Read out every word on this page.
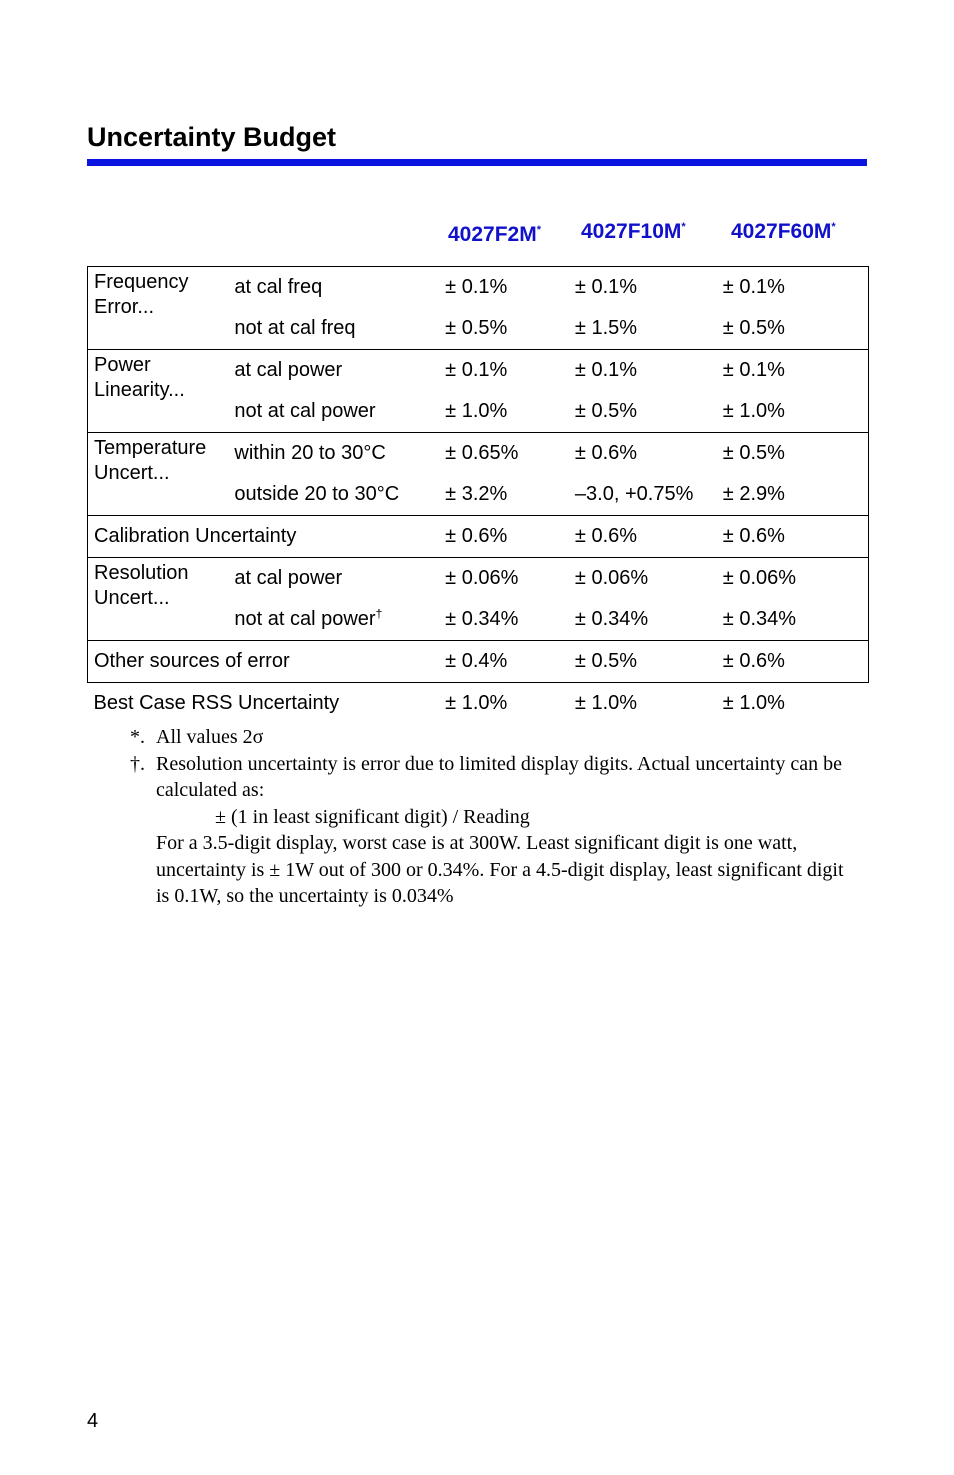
Uncertainty Budget
4027F2M* 4027F10M* 4027F60M*
Frequency Error...	at cal freq	± 0.1%	± 0.1%	± 0.1%
	not at cal freq	± 0.5%	± 1.5%	± 0.5%
Power Linearity...	at cal power	± 0.1%	± 0.1%	± 0.1%
	not at cal power	± 1.0%	± 0.5%	± 1.0%
Temperature Uncert...	within 20 to 30°C	± 0.65%	± 0.6%	± 0.5%
	outside 20 to 30°C	± 3.2%	–3.0, +0.75%	± 2.9%
Calibration Uncertainty		± 0.6%	± 0.6%	± 0.6%
Resolution Uncert...	at cal power	± 0.06%	± 0.06%	± 0.06%
	not at cal power†	± 0.34%	± 0.34%	± 0.34%
Other sources of error		± 0.4%	± 0.5%	± 0.6%
Best Case RSS Uncertainty		± 1.0%	± 1.0%	± 1.0%
*. All values 2σ
†. Resolution uncertainty is error due to limited display digits. Actual uncertainty can be calculated as:
± (1 in least significant digit) / Reading
For a 3.5-digit display, worst case is at 300W. Least significant digit is one watt, uncertainty is ± 1W out of 300 or 0.34%. For a 4.5-digit display, least significant digit is 0.1W, so the uncertainty is 0.034%
4
